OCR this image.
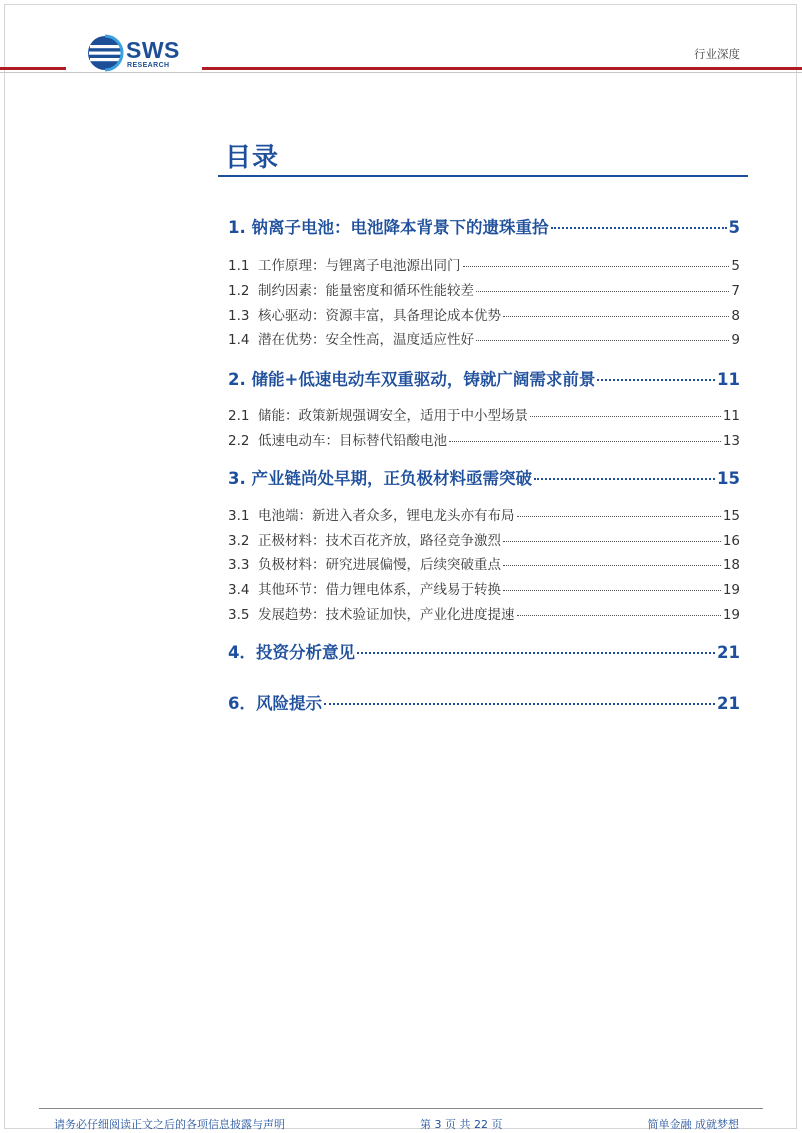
SWS
RESEARCH
行业深度
目录
1. 钠离子电池：电池降本背景下的遗珠重拾	5
1.1 工作原理：与锂离子电池源出同门	5
1.2 制约因素：能量密度和循环性能较差	7
1.3 核心驱动：资源丰富，具备理论成本优势	8
1.4 潜在优势：安全性高，温度适应性好	9
2. 储能+低速电动车双重驱动，铸就广阔需求前景	11
2.1 储能：政策新规强调安全，适用于中小型场景	11
2.2 低速电动车：目标替代铅酸电池	13
3. 产业链尚处早期，正负极材料亟需突破	15
3.1 电池端：新进入者众多，锂电龙头亦有布局	15
3.2 正极材料：技术百花齐放，路径竞争激烈	16
3.3 负极材料：研究进展偏慢，后续突破重点	18
3.4 其他环节：借力锂电体系，产线易于转换	19
3.5 发展趋势：技术验证加快，产业化进度提速	19
4．投资分析意见	21
6．风险提示	21
请务必仔细阅读正文之后的各项信息披露与声明	第 3 页 共 22 页	简单金融 成就梦想
